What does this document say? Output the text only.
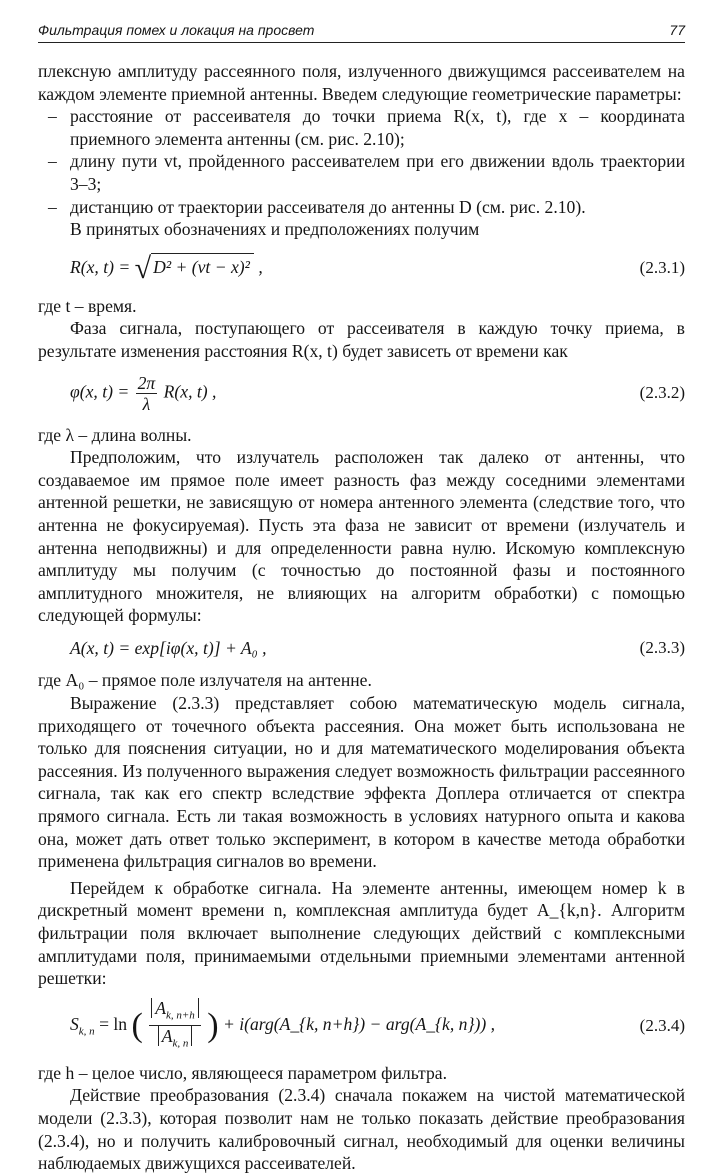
Фильтрация помех и локация на просвет	77

плексную амплитуду рассеянного поля, излученного движущимся рассеивателем на каждом элементе приемной антенны. Введем следующие геометрические параметры:

– расстояние от рассеивателя до точки приема R(x, t), где x – координата приемного элемента антенны (см. рис. 2.10);

– длину пути vt, пройденного рассеивателем при его движении вдоль траектории 3–3;

– дистанцию от траектории рассеивателя до антенны D (см. рис. 2.10).

В принятых обозначениях и предположениях получим

R(x, t) = √ D² + (vt − x)² ,	(2.3.1)

где t – время.

Фаза сигнала, поступающего от рассеивателя в каждую точку приема, в результате изменения расстояния R(x, t) будет зависеть от времени как

φ(x, $t) = \frac{2\pi}{\lambda} R(x$, t) ,	(2.3.2)

где λ – длина волны.

Предположим, что излучатель расположен так далеко от антенны, что создаваемое им прямое поле имеет разность фаз между соседними элементами антенной решетки, не зависящую от номера антенного элемента (следствие того, что антенна не фокусируемая). Пусть эта фаза не зависит от времени (излучатель и антенна неподвижны) и для определенности равна нулю. Искомую комплексную амплитуду мы получим (с точностью до постоянной фазы и постоянного амплитудного множителя, не влияющих на алгоритм обработки) с помощью следующей формулы:

A(x, t) = exp[iφ(x, t)] + A₀ ,	(2.3.3)

где A₀ – прямое поле излучателя на антенне.

Выражение (2.3.3) представляет собою математическую модель сигнала, приходящего от точечного объекта рассеяния. Она может быть использована не только для пояснения ситуации, но и для математического моделирования объекта рассеяния. Из полученного выражения следует возможность фильтрации рассеянного сигнала, так как его спектр вследствие эффекта Доплера отличается от спектра прямого сигнала. Есть ли такая возможность в условиях натурного опыта и какова она, может дать ответ только эксперимент, в котором в качестве метода обработки применена фильтрация сигналов во времени.

Перейдем к обработке сигнала. На элементе антенны, имеющем номер k в дискретный момент времени n, комплексная амплитуда будет A_{k,n}. Алгоритм фильтрации поля включает выполнение следующих действий с комплексными амплитудами поля, принимаемыми отдельными приемными элементами антенной решетки:

$S_{k, n} = \ln$ ( $\frac{A_{k, n+h}}{A_{k, n}}$ ) + i(arg(A_{k, n+h}) − arg(A_{k, n})) ,	(2.3.4)

где h – целое число, являющееся параметром фильтра.

Действие преобразования (2.3.4) сначала покажем на чистой математической модели (2.3.3), которая позволит нам не только показать действие преобразования (2.3.4), но и получить калибровочный сигнал, необходимый для оценки величины наблюдаемых движущихся рассеивателей.
